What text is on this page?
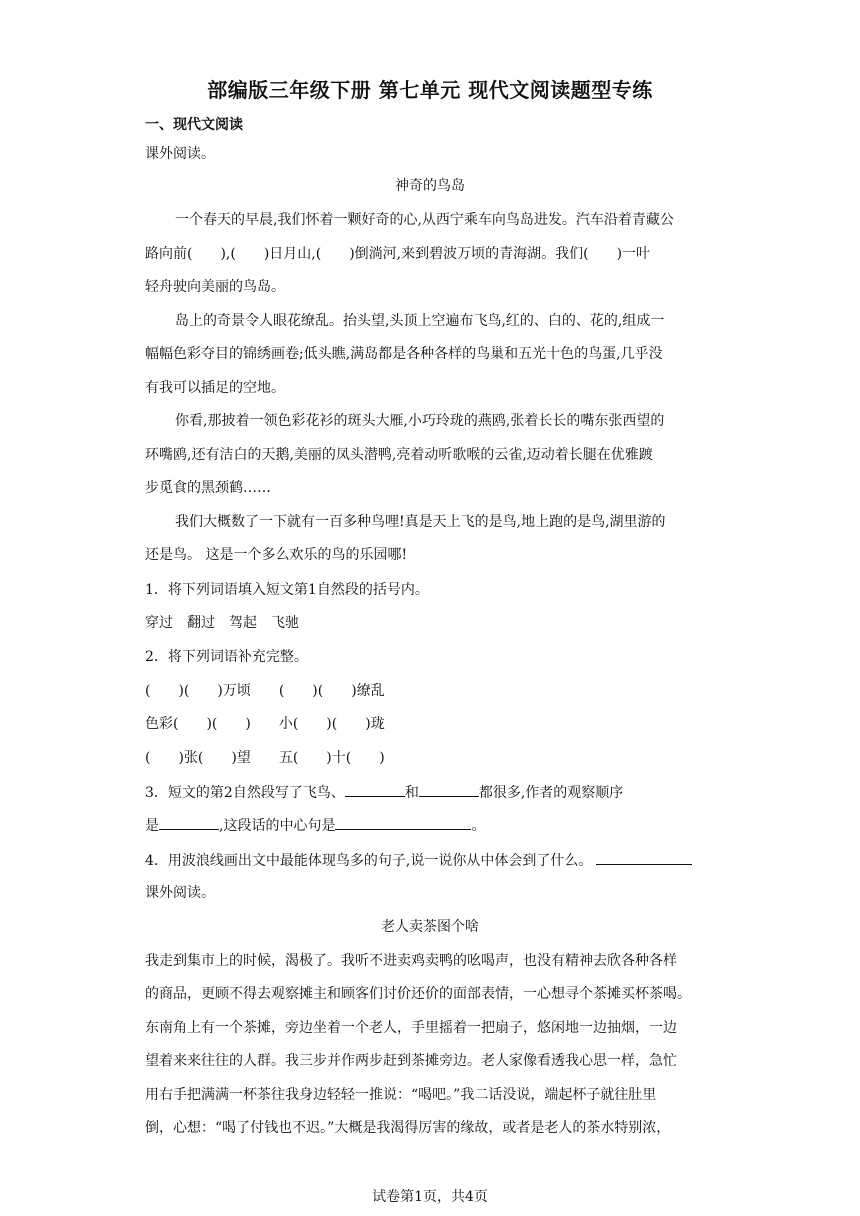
部编版三年级下册 第七单元 现代文阅读题型专练
一、现代文阅读
课外阅读。
神奇的鸟岛
一个春天的早晨,我们怀着一颗好奇的心,从西宁乘车向鸟岛进发。汽车沿着青藏公
路向前(　　),(　　)日月山,(　　)倒淌河,来到碧波万顷的青海湖。我们(　　)一叶
轻舟驶向美丽的鸟岛。
岛上的奇景令人眼花缭乱。抬头望,头顶上空遍布飞鸟,红的、白的、花的,组成一
幅幅色彩夺目的锦绣画卷;低头瞧,满岛都是各种各样的鸟巢和五光十色的鸟蛋,几乎没
有我可以插足的空地。
你看,那披着一领色彩花衫的斑头大雁,小巧玲珑的燕鸥,张着长长的嘴东张西望的
环嘴鸥,还有洁白的天鹅,美丽的凤头潜鸭,亮着动听歌喉的云雀,迈动着长腿在优雅踱
步觅食的黑颈鹤……
我们大概数了一下就有一百多种鸟哩!真是天上飞的是鸟,地上跑的是鸟,湖里游的
还是鸟。 这是一个多么欢乐的鸟的乐园哪!
1．将下列词语填入短文第1自然段的括号内。
穿过　翻过　驾起　飞驰
2．将下列词语补充完整。
(　　)(　　)万顷　　(　　)(　　)缭乱
色彩(　　)(　　)　　小(　　)(　　)珑
(　　)张(　　)望　　五(　　)十(　　)
3．短文的第2自然段写了飞鸟、	和	都很多,作者的观察顺序
是	,这段话的中心句是	。
4．用波浪线画出文中最能体现鸟多的句子,说一说你从中体会到了什么。
课外阅读。
老人卖茶图个啥
我走到集市上的时候，渴极了。我听不进卖鸡卖鸭的吆喝声，也没有精神去欣各种各样
的商品，更顾不得去观察摊主和顾客们讨价还价的面部表情，一心想寻个茶摊买杯茶喝。
东南角上有一个茶摊，旁边坐着一个老人，手里摇着一把扇子，悠闲地一边抽烟，一边
望着来来往往的人群。我三步并作两步赶到茶摊旁边。老人家像看透我心思一样，急忙
用右手把满满一杯茶往我身边轻轻一推说：“喝吧。”我二话没说，端起杯子就往肚里
倒，心想：“喝了付钱也不迟。”大概是我渴得厉害的缘故，或者是老人的茶水特别浓，
试卷第1页，共4页
